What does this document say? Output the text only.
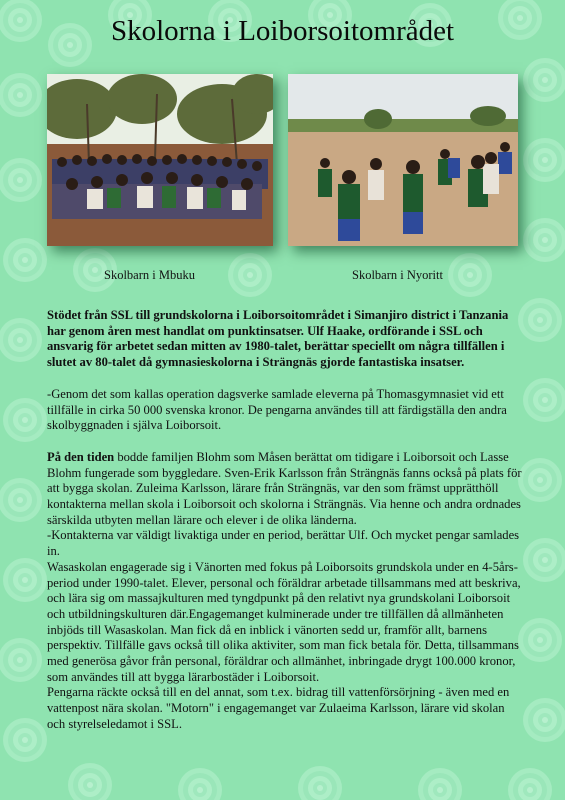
Skolorna i Loiborsoitområdet
Skolbarn i Mbuku	Skolbarn i Nyoritt

Stödet från SSL till grundskolorna i Loiborsoitområdet i Simanjiro district i Tanzania har genom åren mest handlat om punktinsatser. Ulf Haake, ordförande i SSL och ansvarig för arbetet sedan mitten av 1980-talet, berättar speciellt om några tillfällen i slutet av 80-talet då gymnasieskolorna i Strängnäs gjorde fantastiska insatser.

-Genom det som kallas operation dagsverke samlade eleverna på Thomasgymnasiet vid ett tillfälle in cirka 50 000 svenska kronor. De pengarna användes till att färdigställa den andra skolbyggnaden i själva Loiborsoit.

På den tiden bodde familjen Blohm som Måsen berättat om tidigare i Loiborsoit och Lasse Blohm fungerade som byggledare. Sven-Erik Karlsson från Strängnäs fanns också på plats för att bygga skolan. Zuleima Karlsson, lärare från Strängnäs, var den som främst upprätthöll kontakterna mellan skola i Loiborsoit och skolorna i Strängnäs. Via henne och andra ordnades särskilda utbyten mellan lärare och elever i de olika länderna.

-Kontakterna var väldigt livaktiga under en period, berättar Ulf. Och mycket pengar samlades in.

Wasaskolan engagerade sig i Vänorten med fokus på Loiborsoits grundskola under en 4-5års-period under 1990-talet. Elever, personal och föräldrar arbetade tillsammans med att beskriva, och lära sig om massajkulturen med tyngdpunkt på den relativt nya grundskolani Loiborsoit och utbildningskulturen där.Engagemanget kulminerade under tre tillfällen då allmänheten inbjöds till Wasaskolan. Man fick då en inblick i vänorten sedd ur, framför allt, barnens perspektiv. Tillfälle gavs också till olika aktiviter, som man fick betala för. Detta, tillsammans med generösa gåvor från personal, föräldrar och allmänhet, inbringade drygt 100.000 kronor, som användes till att bygga lärarbostäder i Loiborsoit.

Pengarna räckte också till en del annat, som t.ex. bidrag till vattenförsörjning - även med en vattenpost nära skolan. "Motorn" i engagemanget var Zulaeima Karlsson, lärare vid skolan och styrelseledamot i SSL.
